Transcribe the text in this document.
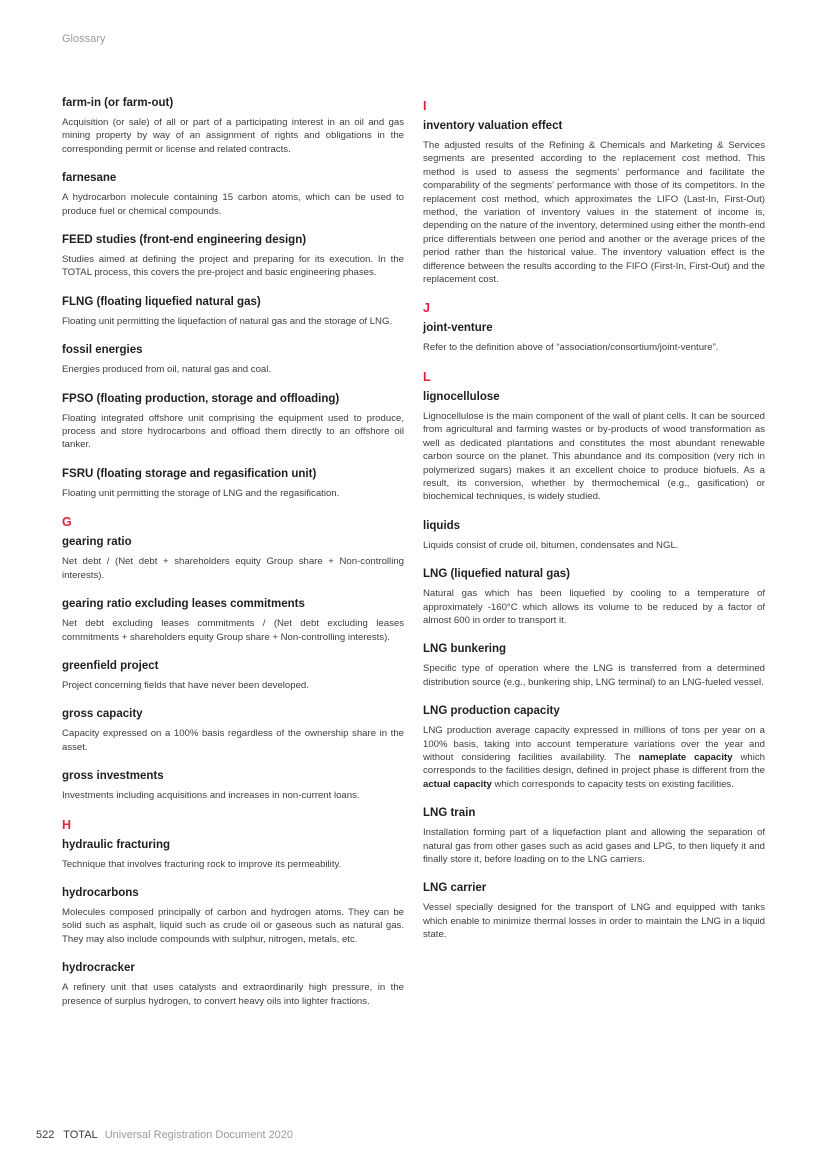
Glossary
farm-in (or farm-out)
Acquisition (or sale) of all or part of a participating interest in an oil and gas mining property by way of an assignment of rights and obligations in the corresponding permit or license and related contracts.
farnesane
A hydrocarbon molecule containing 15 carbon atoms, which can be used to produce fuel or chemical compounds.
FEED studies (front-end engineering design)
Studies aimed at defining the project and preparing for its execution. In the TOTAL process, this covers the pre-project and basic engineering phases.
FLNG (floating liquefied natural gas)
Floating unit permitting the liquefaction of natural gas and the storage of LNG.
fossil energies
Energies produced from oil, natural gas and coal.
FPSO (floating production, storage and offloading)
Floating integrated offshore unit comprising the equipment used to produce, process and store hydrocarbons and offload them directly to an offshore oil tanker.
FSRU (floating storage and regasification unit)
Floating unit permitting the storage of LNG and the regasification.
G
gearing ratio
Net debt / (Net debt + shareholders equity Group share + Non-controlling interests).
gearing ratio excluding leases commitments
Net debt excluding leases commitments / (Net debt excluding leases commitments + shareholders equity Group share + Non-controlling interests).
greenfield project
Project concerning fields that have never been developed.
gross capacity
Capacity expressed on a 100% basis regardless of the ownership share in the asset.
gross investments
Investments including acquisitions and increases in non-current loans.
H
hydraulic fracturing
Technique that involves fracturing rock to improve its permeability.
hydrocarbons
Molecules composed principally of carbon and hydrogen atoms. They can be solid such as asphalt, liquid such as crude oil or gaseous such as natural gas. They may also include compounds with sulphur, nitrogen, metals, etc.
hydrocracker
A refinery unit that uses catalysts and extraordinarily high pressure, in the presence of surplus hydrogen, to convert heavy oils into lighter fractions.
I
inventory valuation effect
The adjusted results of the Refining & Chemicals and Marketing & Services segments are presented according to the replacement cost method. This method is used to assess the segments’ performance and facilitate the comparability of the segments’ performance with those of its competitors. In the replacement cost method, which approximates the LIFO (Last-In, First-Out) method, the variation of inventory values in the statement of income is, depending on the nature of the inventory, determined using either the month-end price differentials between one period and another or the average prices of the period rather than the historical value. The inventory valuation effect is the difference between the results according to the FIFO (First-In, First-Out) and the replacement cost.
J
joint-venture
Refer to the definition above of “association/consortium/joint-venture”.
L
lignocellulose
Lignocellulose is the main component of the wall of plant cells. It can be sourced from agricultural and farming wastes or by-products of wood transformation as well as dedicated plantations and constitutes the most abundant renewable carbon source on the planet. This abundance and its composition (very rich in polymerized sugars) makes it an excellent choice to produce biofuels. As a result, its conversion, whether by thermochemical (e.g., gasification) or biochemical techniques, is widely studied.
liquids
Liquids consist of crude oil, bitumen, condensates and NGL.
LNG (liquefied natural gas)
Natural gas which has been liquefied by cooling to a temperature of approximately -160°C which allows its volume to be reduced by a factor of almost 600 in order to transport it.
LNG bunkering
Specific type of operation where the LNG is transferred from a determined distribution source (e.g., bunkering ship, LNG terminal) to an LNG-fueled vessel.
LNG production capacity
LNG production average capacity expressed in millions of tons per year on a 100% basis, taking into account temperature variations over the year and without considering facilities availability. The nameplate capacity which corresponds to the facilities design, defined in project phase is different from the actual capacity which corresponds to capacity tests on existing facilities.
LNG train
Installation forming part of a liquefaction plant and allowing the separation of natural gas from other gases such as acid gases and LPG, to then liquefy it and finally store it, before loading on to the LNG carriers.
LNG carrier
Vessel specially designed for the transport of LNG and equipped with tanks which enable to minimize thermal losses in order to maintain the LNG in a liquid state.
522 TOTAL Universal Registration Document 2020
